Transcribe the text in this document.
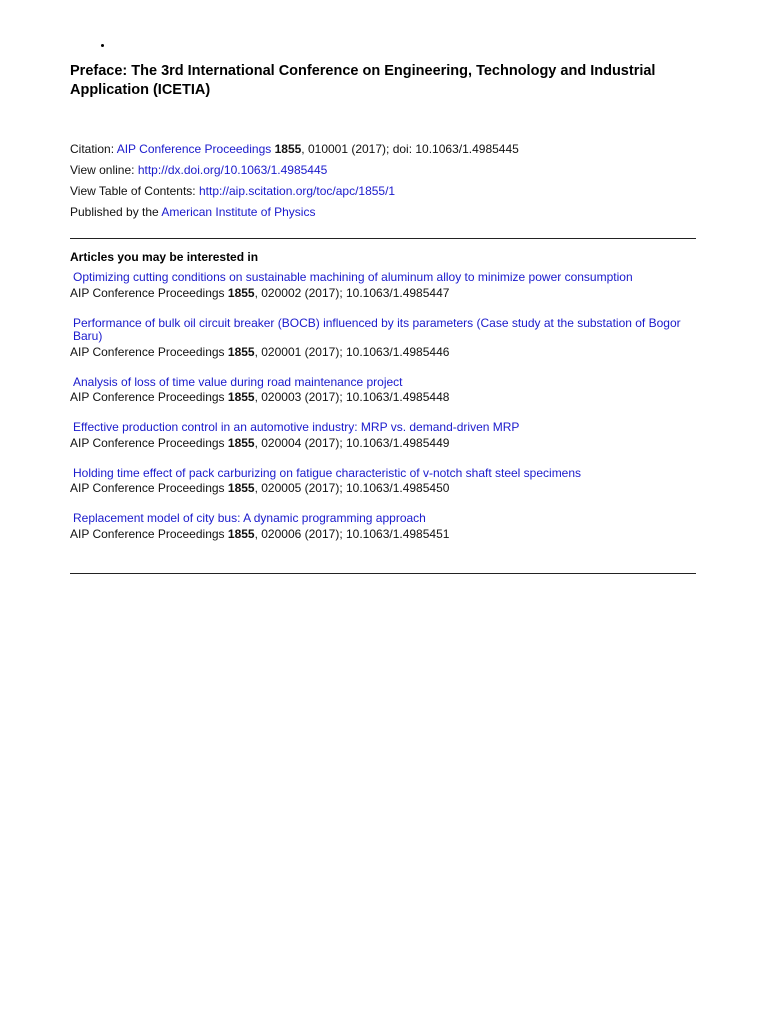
Preface: The 3rd International Conference on Engineering, Technology and Industrial Application (ICETIA)
Citation: AIP Conference Proceedings 1855, 010001 (2017); doi: 10.1063/1.4985445
View online: http://dx.doi.org/10.1063/1.4985445
View Table of Contents: http://aip.scitation.org/toc/apc/1855/1
Published by the American Institute of Physics
Articles you may be interested in
Optimizing cutting conditions on sustainable machining of aluminum alloy to minimize power consumption
AIP Conference Proceedings 1855, 020002 (2017); 10.1063/1.4985447
Performance of bulk oil circuit breaker (BOCB) influenced by its parameters (Case study at the substation of Bogor Baru)
AIP Conference Proceedings 1855, 020001 (2017); 10.1063/1.4985446
Analysis of loss of time value during road maintenance project
AIP Conference Proceedings 1855, 020003 (2017); 10.1063/1.4985448
Effective production control in an automotive industry: MRP vs. demand-driven MRP
AIP Conference Proceedings 1855, 020004 (2017); 10.1063/1.4985449
Holding time effect of pack carburizing on fatigue characteristic of v-notch shaft steel specimens
AIP Conference Proceedings 1855, 020005 (2017); 10.1063/1.4985450
Replacement model of city bus: A dynamic programming approach
AIP Conference Proceedings 1855, 020006 (2017); 10.1063/1.4985451
